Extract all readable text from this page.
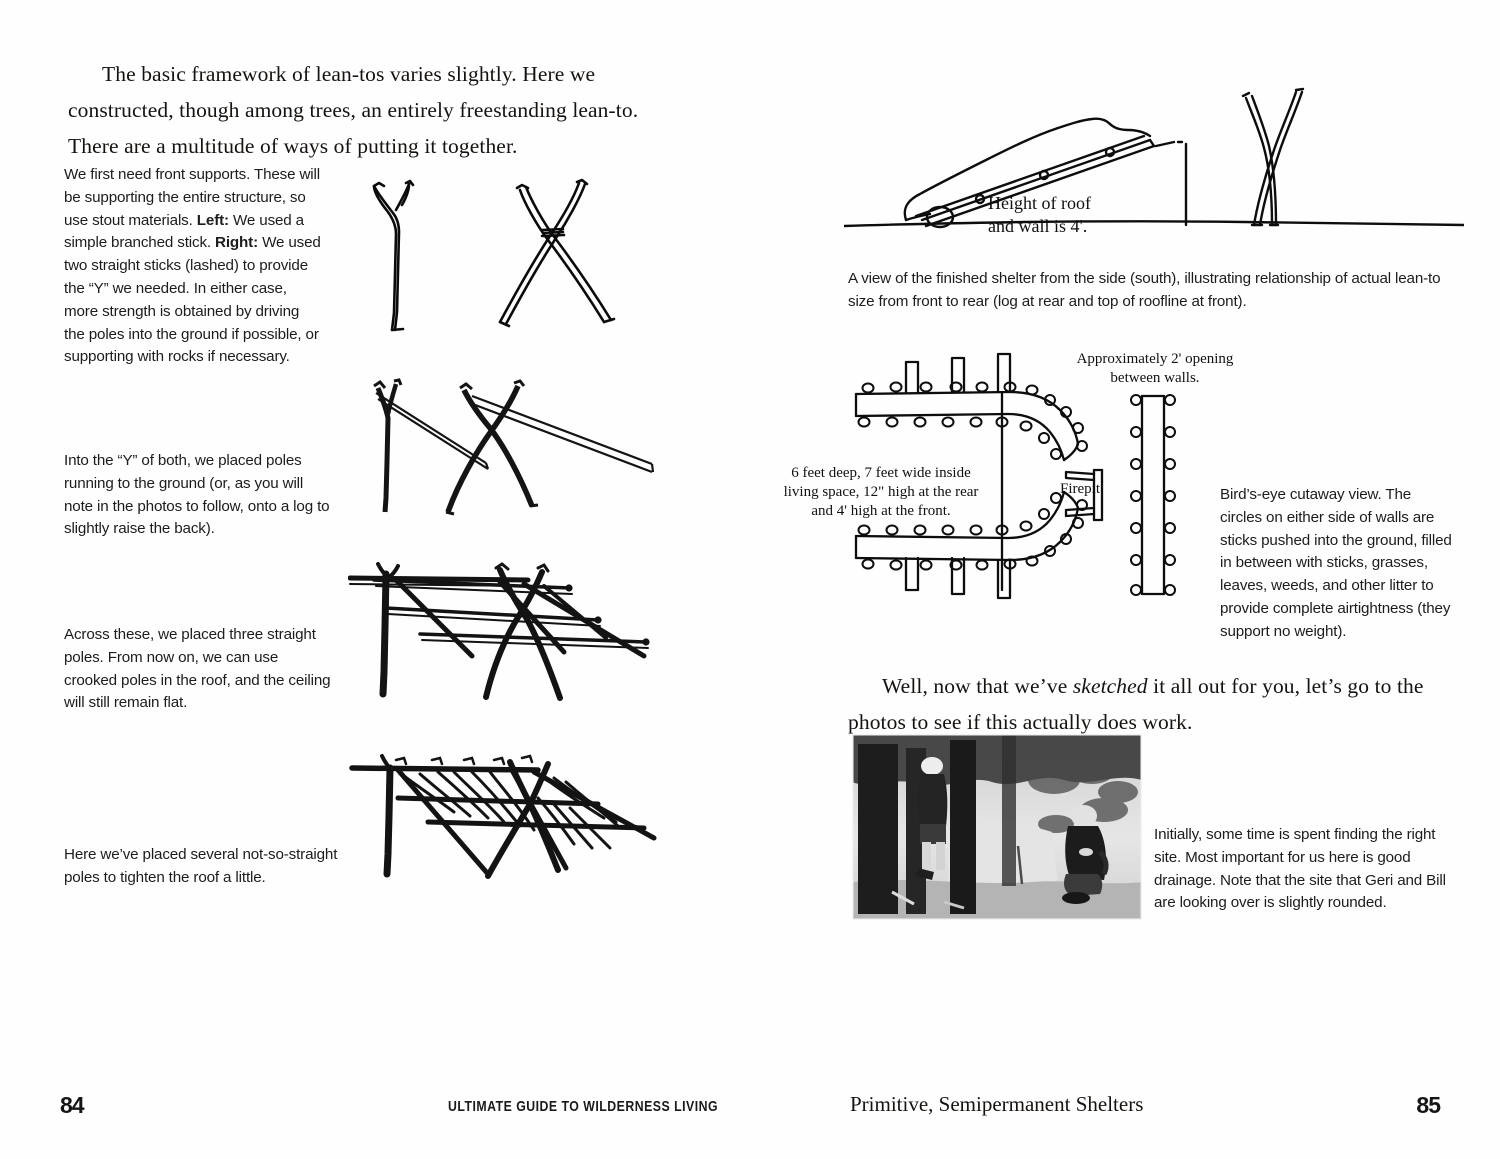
The basic framework of lean-tos varies slightly. Here we constructed, though among trees, an entirely freestanding lean-to. There are a multitude of ways of putting it together.
We first need front supports. These will be supporting the entire structure, so use stout materials. Left: We used a simple branched stick. Right: We used two straight sticks (lashed) to provide the “Y” we needed. In either case, more strength is obtained by driving the poles into the ground if possible, or supporting with rocks if necessary.
Into the “Y” of both, we placed poles running to the ground (or, as you will note in the photos to follow, onto a log to slightly raise the back).
Across these, we placed three straight poles. From now on, we can use crooked poles in the roof, and the ceiling will still remain flat.
Here we’ve placed several not-so-straight poles to tighten the roof a little.
84	ULTIMATE GUIDE TO WILDERNESS LIVING
Height of roof
and wall is 4'.
A view of the finished shelter from the side (south), illustrating relationship of actual lean-to size from front to rear (log at rear and top of roofline at front).
Approximately 2' opening
between walls.
6 feet deep, 7 feet wide inside
living space, 12" high at the rear
and 4' high at the front.
Firepit	Bird’s-eye cutaway view. The circles on either side of walls are sticks pushed into the ground, filled in between with sticks, grasses, leaves, weeds, and other litter to provide complete airtightness (they support no weight).
Well, now that we’ve sketched it all out for you, let’s go to the photos to see if this actually does work.
Initially, some time is spent finding the right site. Most important for us here is good drainage. Note that the site that Geri and Bill are looking over is slightly rounded.
Primitive, Semipermanent Shelters	85
